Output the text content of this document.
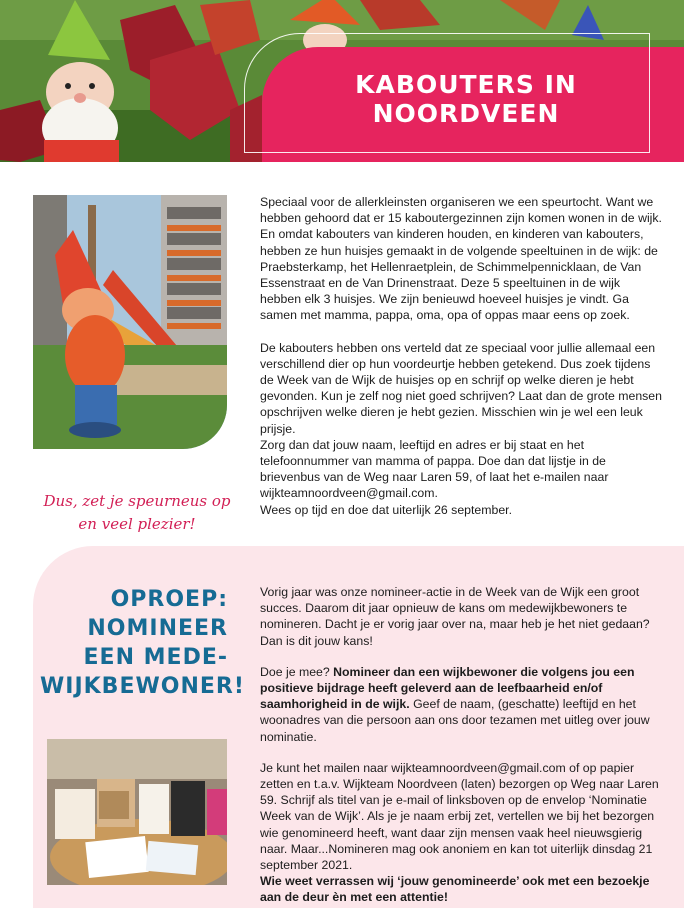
KABOUTERS IN NOORDVEEN

Speciaal voor de allerkleinsten organiseren we een speurtocht. Want we hebben gehoord dat er 15 kaboutergezinnen zijn komen wonen in de wijk. En omdat kabouters van kinderen houden, en kinderen van kabouters, hebben ze hun huisjes gemaakt in de volgende speeltuinen in de wijk: de Praebsterkamp, het Hellenraetplein, de Schimmelpennicklaan, de Van Essenstraat en de Van Drinenstraat. Deze 5 speeltuinen in de wijk hebben elk 3 huisjes. We zijn benieuwd hoeveel huisjes je vindt. Ga samen met mamma, pappa, oma, opa of oppas maar eens op zoek.

De kabouters hebben ons verteld dat ze speciaal voor jullie allemaal een verschillend dier op hun voordeurtje hebben getekend. Dus zoek tijdens de Week van de Wijk de huisjes op en schrijf op welke dieren je hebt gevonden. Kun je zelf nog niet goed schrijven? Laat dan de grote mensen opschrijven welke dieren je hebt gezien. Misschien win je wel een leuk prijsje.

Zorg dan dat jouw naam, leeftijd en adres er bij staat en het telefoonnummer van mamma of pappa. Doe dan dat lijstje in de brievenbus van de Weg naar Laren 59, of laat het e-mailen naar wijkteamnoordveen@gmail.com.

Wees op tijd en doe dat uiterlijk 26 september.

Dus, zet je speurneus op en veel plezier!
OPROEP: NOMINEER EEN MEDE-WIJKBEWONER!

Vorig jaar was onze nomineer-actie in de Week van de Wijk een groot succes. Daarom dit jaar opnieuw de kans om medewijkbewoners te nomineren. Dacht je er vorig jaar over na, maar heb je het niet gedaan? Dan is dit jouw kans!

Doe je mee? Nomineer dan een wijkbewoner die volgens jou een positieve bijdrage heeft geleverd aan de leefbaarheid en/of saamhorigheid in de wijk. Geef de naam, (geschatte) leeftijd en het woonadres van die persoon aan ons door tezamen met uitleg over jouw nominatie.

Je kunt het mailen naar wijkteamnoordveen@gmail.com of op papier zetten en t.a.v. Wijkteam Noordveen (laten) bezorgen op Weg naar Laren 59. Schrijf als titel van je e-mail of linksboven op de envelop ‘Nominatie Week van de Wijk’. Als je je naam erbij zet, vertellen we bij het bezorgen wie genomineerd heeft, want daar zijn mensen vaak heel nieuwsgierig naar. Maar...Nomineren mag ook anoniem en kan tot uiterlijk dinsdag 21 september 2021.

Wie weet verrassen wij ‘jouw genomineerde’ ook met een bezoekje aan de deur èn met een attentie!
